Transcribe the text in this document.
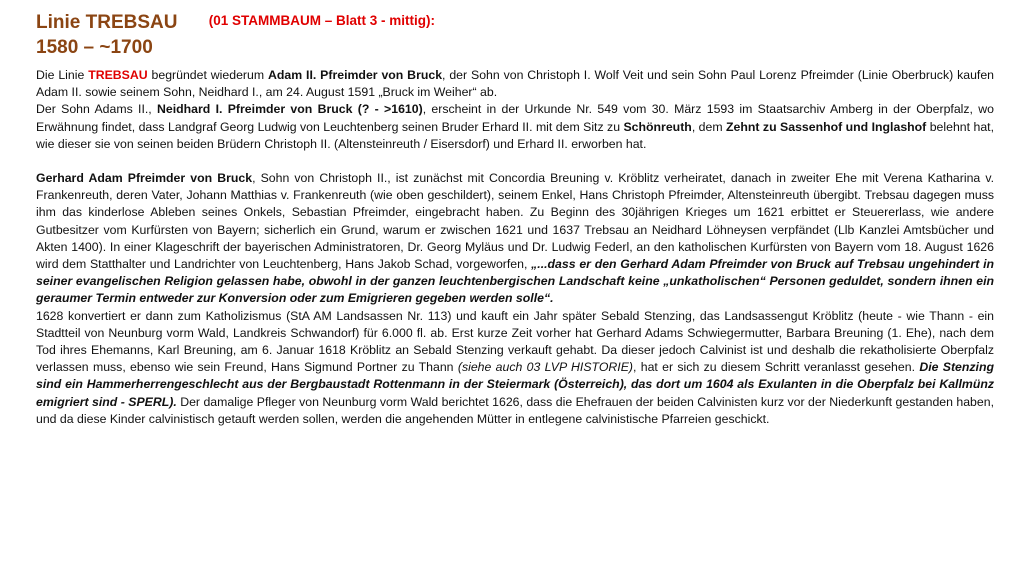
Linie TREBSAU (01 STAMMBAUM – Blatt 3 - mittig):
1580 – ~1700

Die Linie TREBSAU begründet wiederum Adam II. Pfreimder von Bruck, der Sohn von Christoph I. Wolf Veit und sein Sohn Paul Lorenz Pfreimder (Linie Oberbruck) kaufen Adam II. sowie seinem Sohn, Neidhard I., am 24. August 1591 „Bruck im Weiher“ ab.

Der Sohn Adams II., Neidhard I. Pfreimder von Bruck (? - >1610), erscheint in der Urkunde Nr. 549 vom 30. März 1593 im Staatsarchiv Amberg in der Oberpfalz, wo Erwähnung findet, dass Landgraf Georg Ludwig von Leuchtenberg seinen Bruder Erhard II. mit dem Sitz zu Schönreuth, dem Zehnt zu Sassenhof und Inglashof belehnt hat, wie dieser sie von seinen beiden Brüdern Christoph II. (Altensteinreuth / Eisersdorf) und Erhard II. erworben hat.

Gerhard Adam Pfreimder von Bruck, Sohn von Christoph II., ist zunächst mit Concordia Breuning v. Kröblitz verheiratet, danach in zweiter Ehe mit Verena Katharina v. Frankenreuth, deren Vater, Johann Matthias v. Frankenreuth (wie oben geschildert), seinem Enkel, Hans Christoph Pfreimder, Altensteinreuth übergibt. Trebsau dagegen muss ihm das kinderlose Ableben seines Onkels, Sebastian Pfreimder, eingebracht haben. Zu Beginn des 30jährigen Krieges um 1621 erbittet er Steuererlass, wie andere Gutbesitzer vom Kurfürsten von Bayern; sicherlich ein Grund, warum er zwischen 1621 und 1637 Trebsau an Neidhard Löhneysen verpfändet (Llb Kanzlei Amtsbücher und Akten 1400). In einer Klageschrift der bayerischen Administratoren, Dr. Georg Myläus und Dr. Ludwig Federl, an den katholischen Kurfürsten von Bayern vom 18. August 1626 wird dem Statthalter und Landrichter von Leuchtenberg, Hans Jakob Schad, vorgeworfen, „...dass er den Gerhard Adam Pfreimder von Bruck auf Trebsau ungehindert in seiner evangelischen Religion gelassen habe, obwohl in der ganzen leuchtenbergischen Landschaft keine „unkatholischen“ Personen geduldet, sondern ihnen ein geraumer Termin entweder zur Konversion oder zum Emigrieren gegeben werden solle“.

1628 konvertiert er dann zum Katholizismus (StA AM Landsassen Nr. 113) und kauft ein Jahr später Sebald Stenzing, das Landsassengut Kröblitz (heute - wie Thann - ein Stadtteil von Neunburg vorm Wald, Landkreis Schwandorf) für 6.000 fl. ab. Erst kurze Zeit vorher hat Gerhard Adams Schwiegermutter, Barbara Breuning (1. Ehe), nach dem Tod ihres Ehemanns, Karl Breuning, am 6. Januar 1618 Kröblitz an Sebald Stenzing verkauft gehabt. Da dieser jedoch Calvinist ist und deshalb die rekatholisierte Oberpfalz verlassen muss, ebenso wie sein Freund, Hans Sigmund Portner zu Thann (siehe auch 03 LVP HISTORIE), hat er sich zu diesem Schritt veranlasst gesehen. Die Stenzing sind ein Hammerherrengeschlecht aus der Bergbaustadt Rottenmann in der Steiermark (Österreich), das dort um 1604 als Exulanten in die Oberpfalz bei Kallmünz emigriert sind - SPERL). Der damalige Pfleger von Neunburg vorm Wald berichtet 1626, dass die Ehefrauen der beiden Calvinisten kurz vor der Niederkunft gestanden haben, und da diese Kinder calvinistisch getauft werden sollen, werden die angehenden Mütter in entlegene calvinistische Pfarreien geschickt.
